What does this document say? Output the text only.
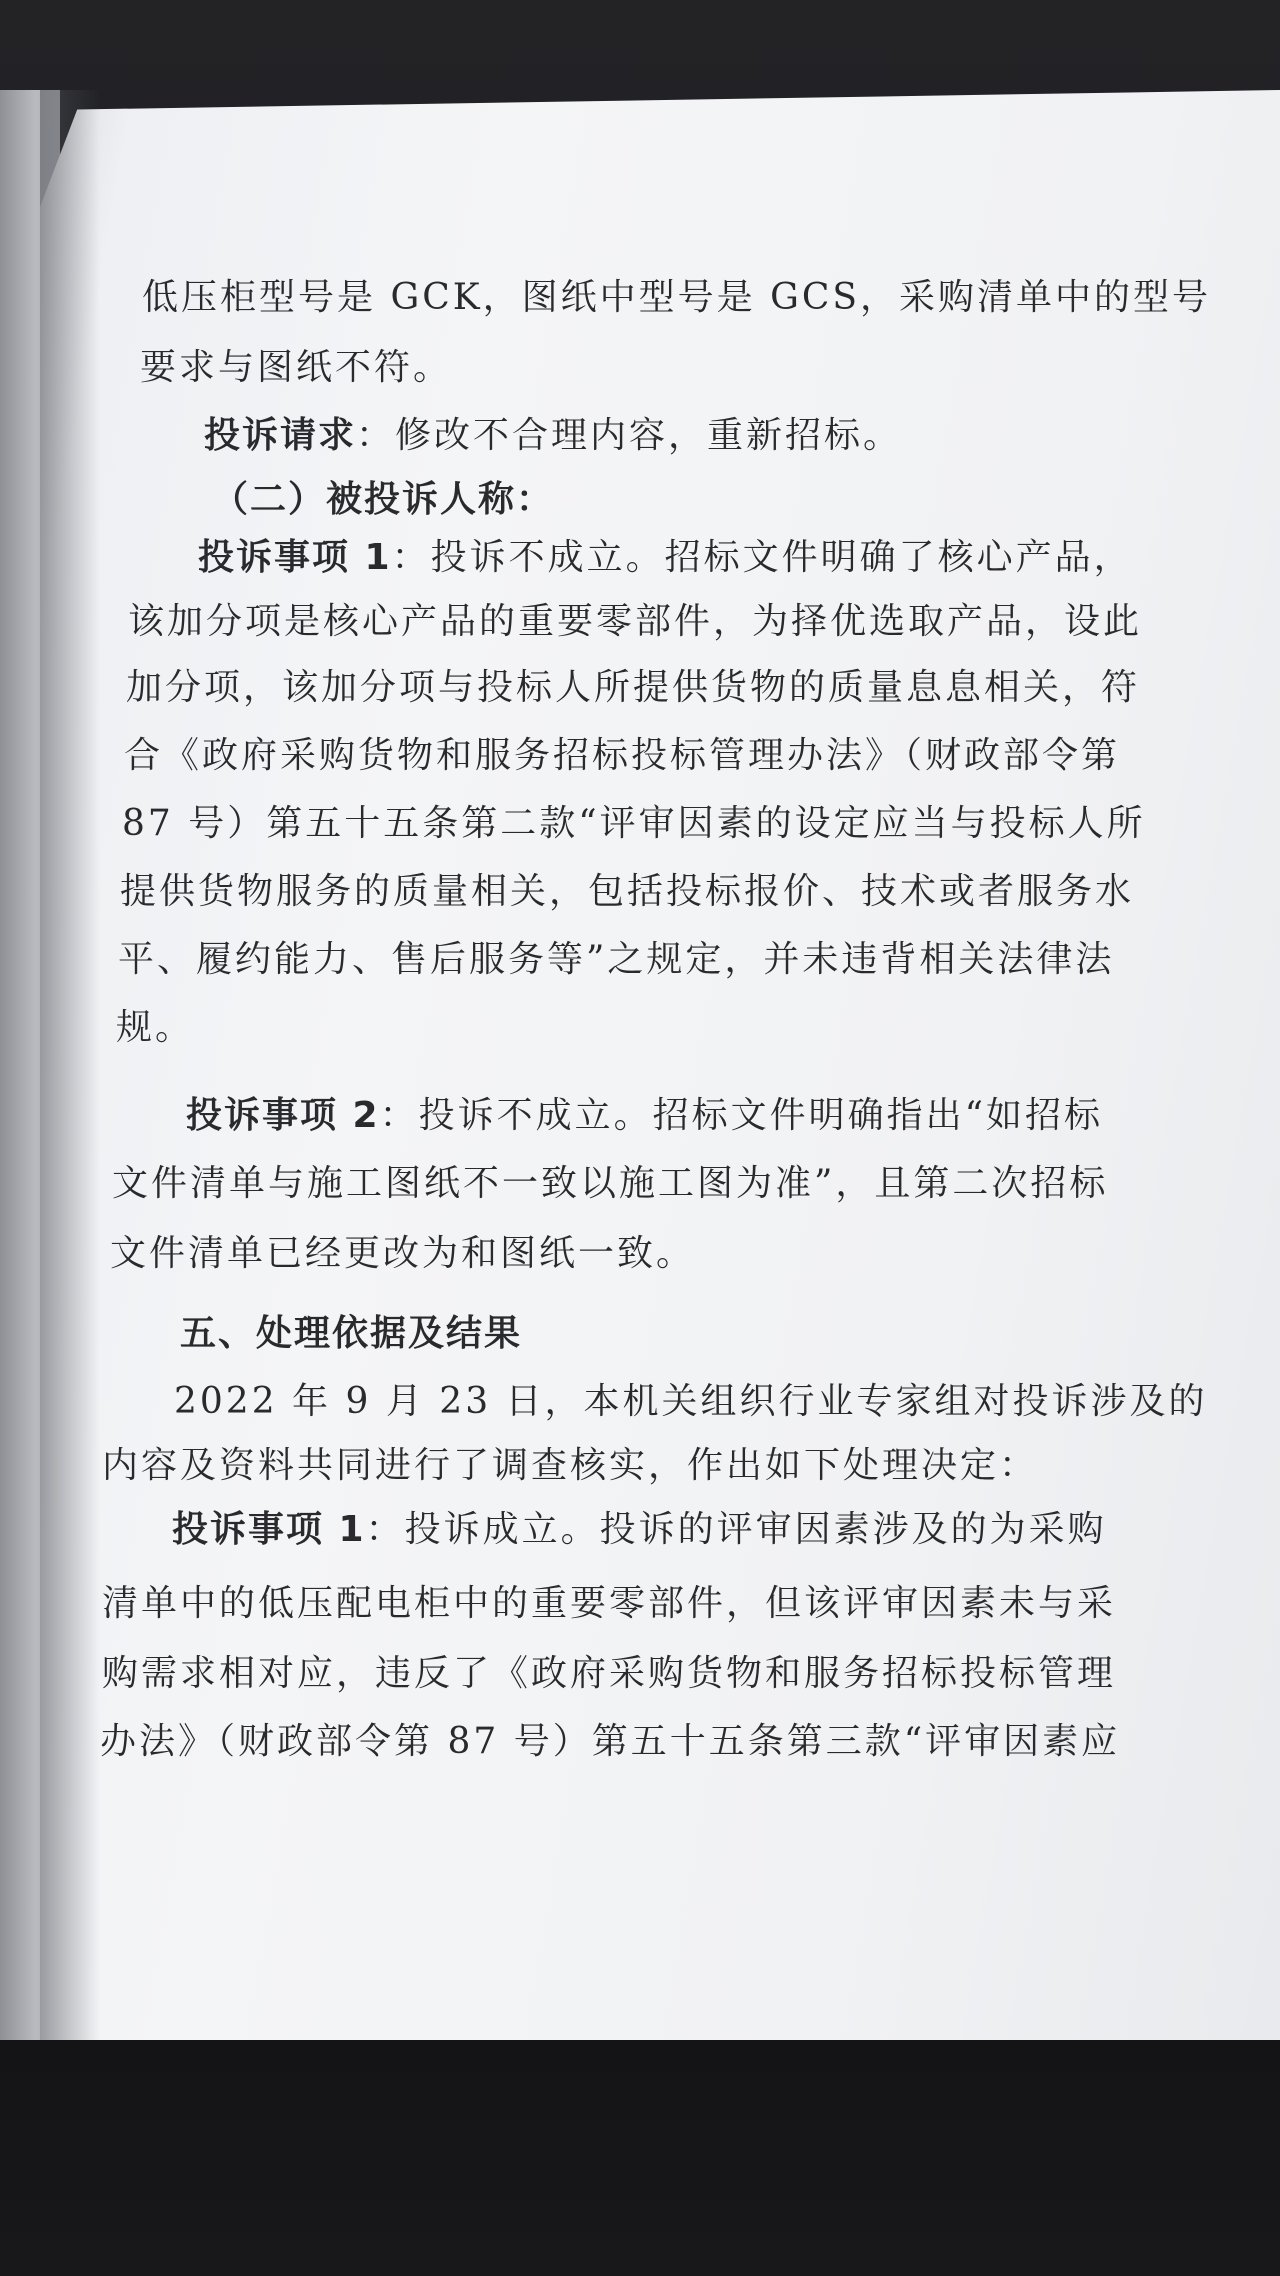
低压柜型号是 GCK，图纸中型号是 GCS，采购清单中的型号
要求与图纸不符。
投诉请求：修改不合理内容，重新招标。
（二）被投诉人称：
投诉事项 1：投诉不成立。招标文件明确了核心产品，
该加分项是核心产品的重要零部件，为择优选取产品，设此
加分项，该加分项与投标人所提供货物的质量息息相关，符
合《政府采购货物和服务招标投标管理办法》（财政部令第
87 号）第五十五条第二款“评审因素的设定应当与投标人所
提供货物服务的质量相关，包括投标报价、技术或者服务水
平、履约能力、售后服务等”之规定，并未违背相关法律法
规。
投诉事项 2：投诉不成立。招标文件明确指出“如招标
文件清单与施工图纸不一致以施工图为准”，且第二次招标
文件清单已经更改为和图纸一致。
五、处理依据及结果
2022 年 9 月 23 日，本机关组织行业专家组对投诉涉及的
内容及资料共同进行了调查核实，作出如下处理决定：
投诉事项 1：投诉成立。投诉的评审因素涉及的为采购
清单中的低压配电柜中的重要零部件，但该评审因素未与采
购需求相对应，违反了《政府采购货物和服务招标投标管理
办法》（财政部令第 87 号）第五十五条第三款“评审因素应
